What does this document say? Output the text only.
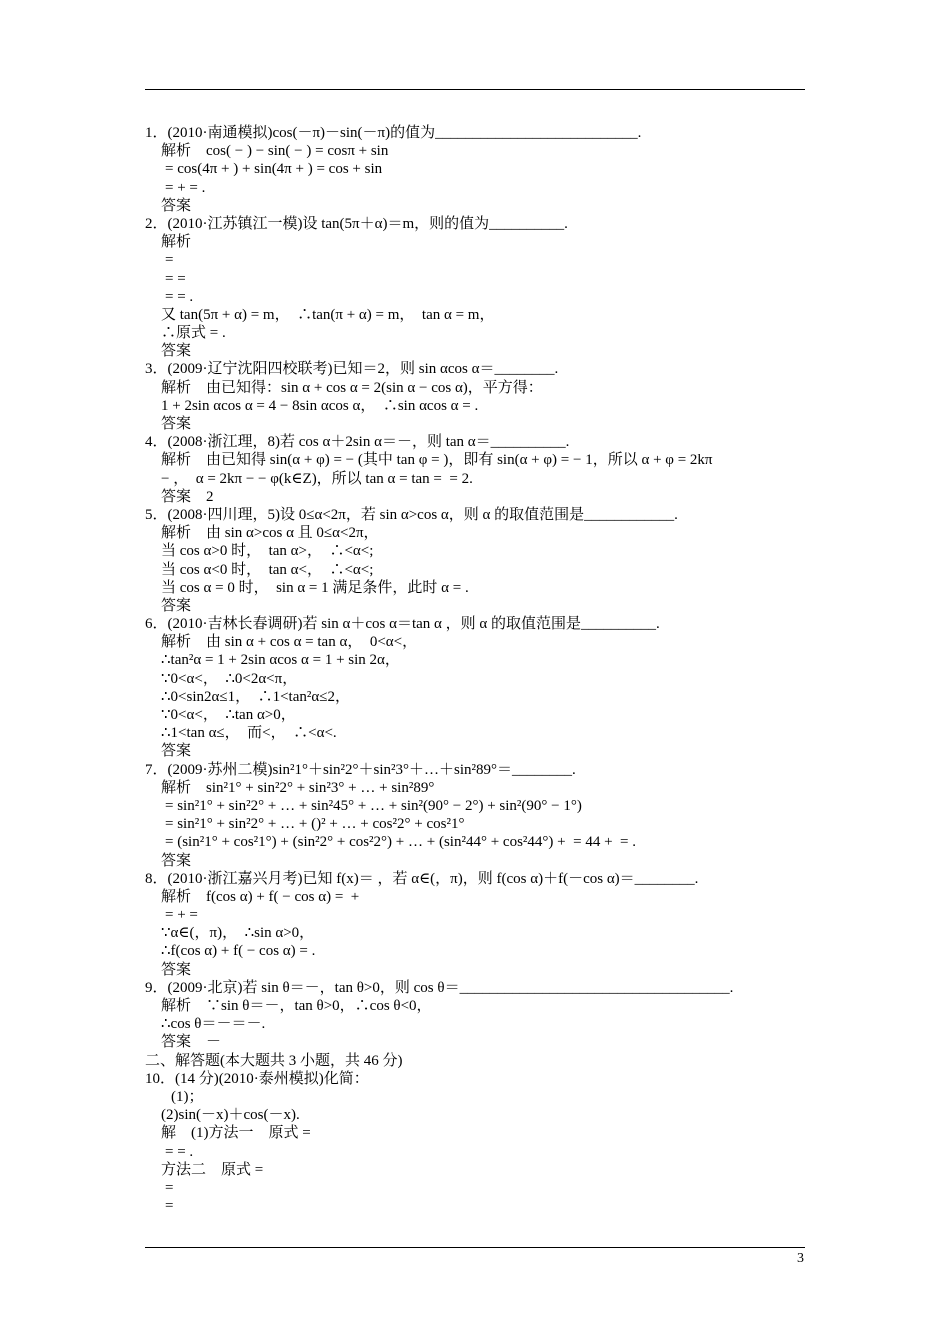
1．(2010·南通模拟)cos(－π)－sin(－π)的值为___________________________.
解析    cos( − ) − sin( − ) = cosπ + sin
= cos(4π + ) + sin(4π + ) = cos + sin
= + = .
答案
2．(2010·江苏镇江一模)设 tan(5π＋α)＝m，则的值为__________.
解析
=
= =
= = .
又 tan(5π + α) = m，  ∴tan(π + α) = m，  tan α = m，
∴原式 = .
答案
3．(2009·辽宁沈阳四校联考)已知＝2，则 sin αcos α＝________.
解析    由已知得：sin α + cos α = 2(sin α − cos α)，平方得：
1 + 2sin αcos α = 4 − 8sin αcos α，  ∴sin αcos α = .
答案
4．(2008·浙江理，8)若 cos α＋2sin α＝－，则 tan α＝__________.
解析    由已知得 sin(α + φ) = − (其中 tan φ = )，即有 sin(α + φ) = − 1，所以 α + φ = 2kπ
− ，  α = 2kπ − − φ(k∈Z)，所以 tan α = tan =  = 2.
答案    2
5．(2008·四川理，5)设 0≤α<2π，若 sin α>cos α，则 α 的取值范围是____________.
解析    由 sin α>cos α 且 0≤α<2π，
当 cos α>0 时，  tan α>，  ∴<α<;
当 cos α<0 时，  tan α<，  ∴<α<;
当 cos α = 0 时，  sin α = 1 满足条件，此时 α = .
答案
6．(2010·吉林长春调研)若 sin α＋cos α＝tan α ，则 α 的取值范围是__________.
解析    由 sin α + cos α = tan α，  0<α<，
∴tan²α = 1 + 2sin αcos α = 1 + sin 2α，
∵0<α<，  ∴0<2α<π，
∴0<sin2α≤1，  ∴1<tan²α≤2，
∵0<α<，  ∴tan α>0，
∴1<tan α≤，  而<，  ∴<α<.
答案
7．(2009·苏州二模)sin²1°＋sin²2°＋sin²3°＋…＋sin²89°＝________.
解析    sin²1° + sin²2° + sin²3° + … + sin²89°
= sin²1° + sin²2° + … + sin²45° + … + sin²(90° − 2°) + sin²(90° − 1°)
= sin²1° + sin²2° + … + ()² + … + cos²2° + cos²1°
= (sin²1° + cos²1°) + (sin²2° + cos²2°) + … + (sin²44° + cos²44°) +  = 44 +  = .
答案
8．(2010·浙江嘉兴月考)已知 f(x)＝ ，若 α∈(，π)，则 f(cos α)＋f(－cos α)＝________.
解析    f(cos α) + f( − cos α) =  +
= + =
∵α∈(，π)，  ∴sin α>0，
∴f(cos α) + f( − cos α) = .
答案
9．(2009·北京)若 sin θ＝－，tan θ>0，则 cos θ＝____________________________________.
解析    ∵sin θ＝－，tan θ>0，∴cos θ<0，
∴cos θ＝－＝－.
答案    －
二、解答题(本大题共 3 小题，共 46 分)
10．(14 分)(2010·泰州模拟)化简：
(1)；
(2)sin(－x)＋cos(－x).
解    (1)方法一    原式 =
= = .
方法二    原式 =
=
=
3
